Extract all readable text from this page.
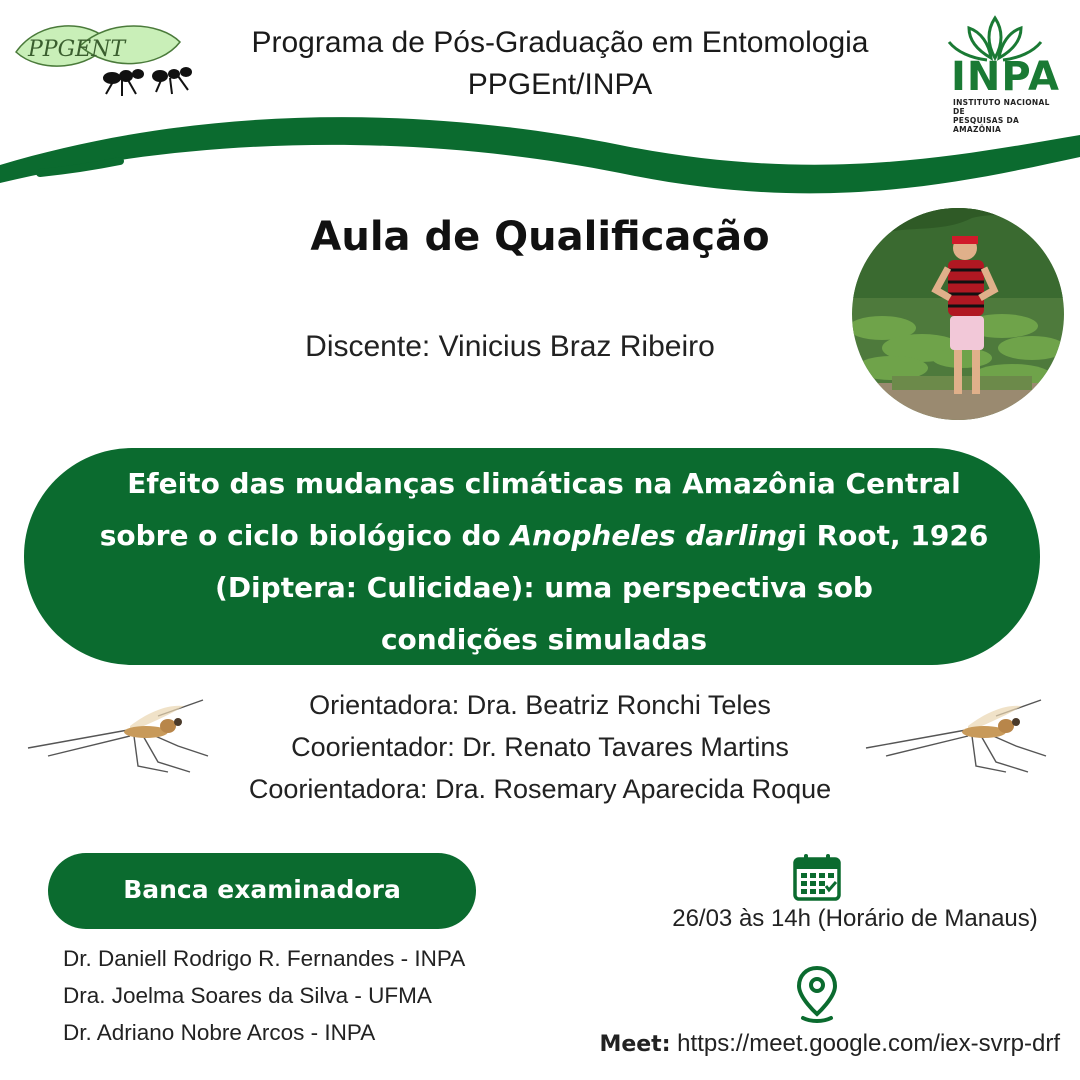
PPGENT	Programa de Pós-Graduação em Entomologia
PPGEnt/INPA	INPA
INSTITUTO NACIONAL DE
PESQUISAS DA AMAZÔNIA
Aula de Qualificação
Discente: Vinicius Braz Ribeiro
Efeito das mudanças climáticas na Amazônia Central
sobre o ciclo biológico do Anopheles darlingi Root, 1926
(Diptera: Culicidae): uma perspectiva sob
condições simuladas
Orientadora: Dra. Beatriz Ronchi Teles
Coorientador: Dr. Renato Tavares Martins
Coorientadora: Dra. Rosemary Aparecida Roque
Banca examinadora
Dr. Daniell Rodrigo R. Fernandes - INPA
Dra. Joelma Soares da Silva - UFMA
Dr. Adriano Nobre Arcos - INPA
26/03 às 14h (Horário de Manaus)
Meet: https://meet.google.com/iex-svrp-drf
